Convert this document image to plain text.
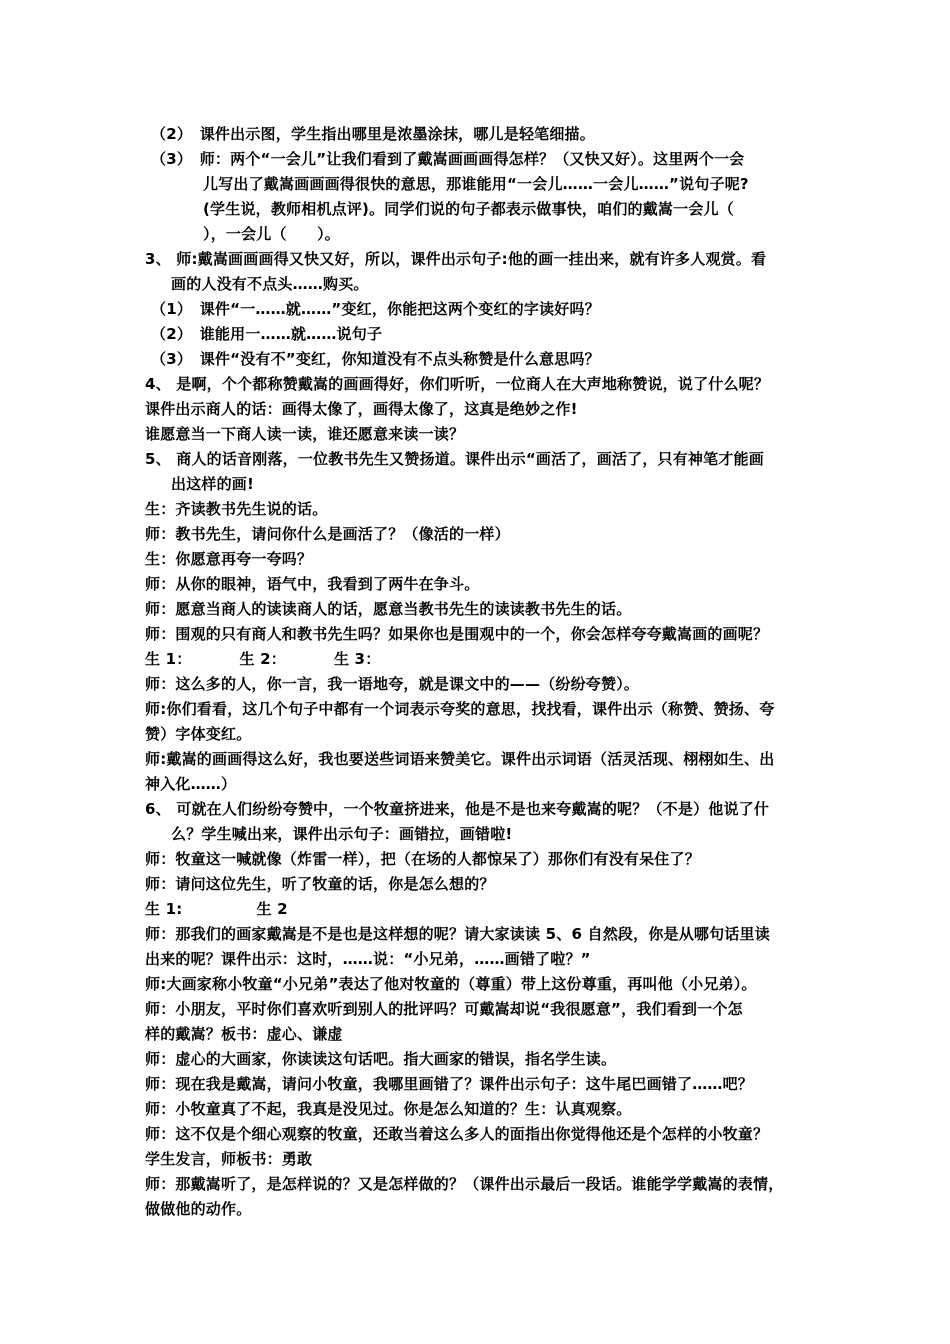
（2）　课件出示图，学生指出哪里是浓墨涂抹，哪儿是轻笔细描。

（3）　师：两个“一会儿”让我们看到了戴嵩画画画得怎样？（又快又好）。这里两个一会

儿写出了戴嵩画画画得很快的意思，那谁能用“一会儿……一会儿……”说句子呢?

(学生说，教师相机点评)。同学们说的句子都表示做事快，咱们的戴嵩一会儿（

），一会儿（　　）。

3、 师:戴嵩画画画得又快又好，所以，课件出示句子:他的画一挂出来，就有许多人观赏。看

画的人没有不点头……购买。

（1）　课件“一……就……”变红，你能把这两个变红的字读好吗？

（2）　谁能用一……就……说句子

（3）　课件“没有不”变红，你知道没有不点头称赞是什么意思吗？

4、 是啊，个个都称赞戴嵩的画画得好，你们听听，一位商人在大声地称赞说，说了什么呢？

课件出示商人的话：画得太像了，画得太像了，这真是绝妙之作!

谁愿意当一下商人读一读，谁还愿意来读一读？

5、 商人的话音刚落，一位教书先生又赞扬道。课件出示“画活了，画活了，只有神笔才能画

出这样的画!

生：齐读教书先生说的话。

师：教书先生，请问你什么是画活了？（像活的一样）

生：你愿意再夸一夸吗？

师：从你的眼神，语气中，我看到了两牛在争斗。

师：愿意当商人的读读商人的话，愿意当教书先生的读读教书先生的话。

师：围观的只有商人和教书先生吗？如果你也是围观中的一个，你会怎样夸夸戴嵩画的画呢？

生 1：	生 2：	生 3：

师：这么多的人，你一言，我一语地夸，就是课文中的——（纷纷夸赞）。

师:你们看看，这几个句子中都有一个词表示夸奖的意思，找找看，课件出示（称赞、赞扬、夸

赞）字体变红。

师:戴嵩的画画得这么好，我也要送些词语来赞美它。课件出示词语（活灵活现、栩栩如生、出

神入化……）

6、 可就在人们纷纷夸赞中，一个牧童挤进来，他是不是也来夸戴嵩的呢？（不是）他说了什

么？学生喊出来，课件出示句子：画错拉，画错啦!

师：牧童这一喊就像（炸雷一样），把（在场的人都惊呆了）那你们有没有呆住了？

师：请问这位先生，听了牧童的话，你是怎么想的？

生 1:	生 2

师：那我们的画家戴嵩是不是也是这样想的呢？请大家读读 5、6 自然段，你是从哪句话里读

出来的呢？课件出示：这时，……说：“小兄弟，……画错了啦？”

师:大画家称小牧童“小兄弟”表达了他对牧童的（尊重）带上这份尊重，再叫他（小兄弟）。

师：小朋友，平时你们喜欢听到别人的批评吗？可戴嵩却说“我很愿意”，我们看到一个怎

样的戴嵩？板书：虚心、谦虚

师：虚心的大画家，你读读这句话吧。指大画家的错误，指名学生读。

师：现在我是戴嵩，请问小牧童，我哪里画错了？课件出示句子：这牛尾巴画错了……吧？

师：小牧童真了不起，我真是没见过。你是怎么知道的？生：认真观察。

师：这不仅是个细心观察的牧童，还敢当着这么多人的面指出你觉得他还是个怎样的小牧童？

学生发言，师板书：勇敢

师：那戴嵩听了，是怎样说的？又是怎样做的？（课件出示最后一段话。谁能学学戴嵩的表情，

做做他的动作。
